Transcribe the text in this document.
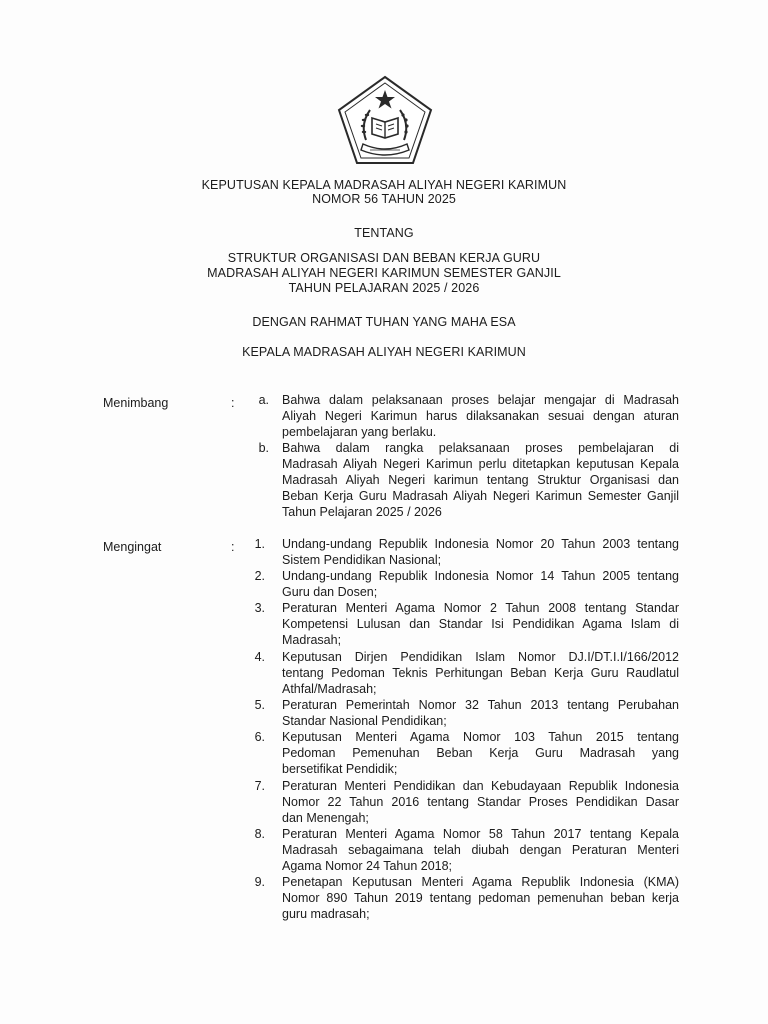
KEPUTUSAN KEPALA MADRASAH ALIYAH NEGERI KARIMUN
NOMOR 56 TAHUN 2025
TENTANG
STRUKTUR ORGANISASI DAN BEBAN KERJA GURU
MADRASAH ALIYAH NEGERI KARIMUN SEMESTER GANJIL
TAHUN PELAJARAN 2025 / 2026
DENGAN RAHMAT TUHAN YANG MAHA ESA
KEPALA MADRASAH ALIYAH NEGERI KARIMUN
Menimbang	:	a. Bahwa dalam pelaksanaan proses belajar mengajar di Madrasah
Aliyah Negeri Karimun harus dilaksanakan sesuai dengan aturan
pembelajaran yang berlaku.
b. Bahwa dalam rangka pelaksanaan proses pembelajaran di
Madrasah Aliyah Negeri Karimun perlu ditetapkan keputusan Kepala
Madrasah Aliyah Negeri karimun tentang Struktur Organisasi dan
Beban Kerja Guru Madrasah Aliyah Negeri Karimun Semester Ganjil
Tahun Pelajaran 2025 / 2026
Mengingat	:	1. Undang-undang Republik Indonesia Nomor 20 Tahun 2003 tentang
Sistem Pendidikan Nasional;
2. Undang-undang Republik Indonesia Nomor 14 Tahun 2005 tentang
Guru dan Dosen;
3. Peraturan Menteri Agama Nomor 2 Tahun 2008 tentang Standar
Kompetensi Lulusan dan Standar Isi Pendidikan Agama Islam di
Madrasah;
4. Keputusan Dirjen Pendidikan Islam Nomor DJ.I/DT.I.I/166/2012
tentang Pedoman Teknis Perhitungan Beban Kerja Guru Raudlatul
Athfal/Madrasah;
5. Peraturan Pemerintah Nomor 32 Tahun 2013 tentang Perubahan
Standar Nasional Pendidikan;
6. Keputusan Menteri Agama Nomor 103 Tahun 2015 tentang
Pedoman Pemenuhan Beban Kerja Guru Madrasah yang
bersetifikat Pendidik;
7. Peraturan Menteri Pendidikan dan Kebudayaan Republik Indonesia
Nomor 22 Tahun 2016 tentang Standar Proses Pendidikan Dasar
dan Menengah;
8. Peraturan Menteri Agama Nomor 58 Tahun 2017 tentang Kepala
Madrasah sebagaimana telah diubah dengan Peraturan Menteri
Agama Nomor 24 Tahun 2018;
9. Penetapan Keputusan Menteri Agama Republik Indonesia (KMA)
Nomor 890 Tahun 2019 tentang pedoman pemenuhan beban kerja
guru madrasah;
